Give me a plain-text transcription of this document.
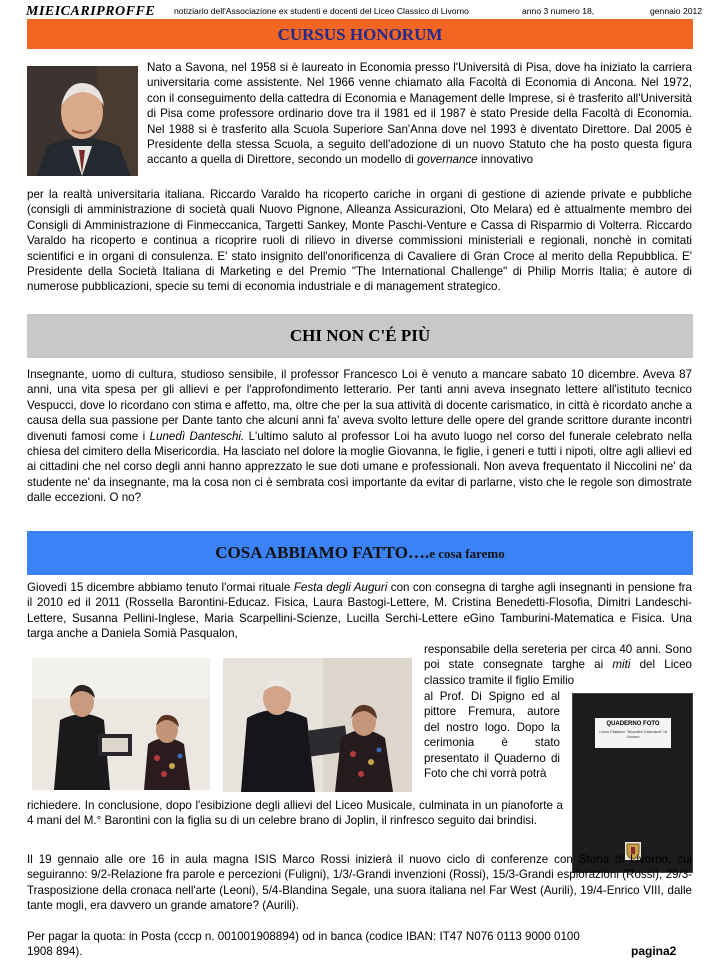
MIEICARIPROFFE notiziario dell'Associazione ex studenti e docenti del Liceo Classico di Livorno	anno 3 numero 18,	gennaio 2012
CURSUS HONORUM
Nato a Savona, nel 1958 si è laureato in Economia presso l'Università di Pisa, dove ha iniziato la carriera universitaria come assistente. Nel 1966 venne chiamato alla Facoltà di Economia di Ancona. Nel 1972, con il conseguimento della cattedra di Economia e Management delle Imprese, si è trasferito all'Università di Pisa come professore ordinario dove tra il 1981 ed il 1987 è stato Preside della Facoltà di Economia. Nel 1988 si è trasferito alla Scuola Superiore San'Anna dove nel 1993 è diventato Direttore. Dal 2005 è Presidente della stessa Scuola, a seguito dell'adozione di un nuovo Statuto che ha posto questa figura accanto a quella di Direttore, secondo un modello di governance innovativo
per la realtà universitaria italiana. Riccardo Varaldo ha ricoperto cariche in organi di gestione di aziende private e pubbliche (consigli di amministrazione di società quali Nuovo Pignone, Alleanza Assicurazioni, Oto Melara) ed è attualmente membro dei Consigli di Amministrazione di Finmeccanica, Targetti Sankey, Monte Paschi-Venture e Cassa di Risparmio di Volterra. Riccardo Varaldo ha ricoperto e continua a ricoprire ruoli di rilievo in diverse commissioni ministeriali e regionali, nonchè in comitati scientifici e in organi di consulenza. E' stato insignito dell'onorificenza di Cavaliere di Gran Croce al merito della Repubblica. E' Presidente della Società Italiana di Marketing e del Premio "The International Challenge" di Philip Morris Italia; è autore di numerose pubblicazioni, specie su temi di economia industriale e di management strategico.
CHI NON C'É PIÙ
Insegnante, uomo di cultura, studioso sensibile, il professor Francesco Loi è venuto a mancare sabato 10 dicembre. Aveva 87 anni, una vita spesa per gli allievi e per l'approfondimento letterario. Per tanti anni aveva insegnato lettere all'istituto tecnico Vespucci, dove lo ricordano con stima e affetto, ma, oltre che per la sua attività di docente carismatico, in città è ricordato anche a causa della sua passione per Dante tanto che alcuni anni fa' aveva svolto letture delle opere del grande scrittore durante incontri divenuti famosi come i Lunedì Danteschi. L'ultimo saluto al professor Loi ha avuto luogo nel corso del funerale celebrato nella chiesa del cimitero della Misericordia. Ha lasciato nel dolore la moglie Giovanna, le figlie, i generi e tutti i nipoti, oltre agli allievi ed ai cittadini che nel corso degli anni hanno apprezzato le sue doti umane e professionali. Non aveva frequentato il Niccolini ne' da studente ne' da insegnante, ma la cosa non ci è sembrata così importante da evitar di parlarne, visto che le regole son dimostrate dalle eccezioni. O no?
COSA ABBIAMO FATTO….e cosa faremo
Giovedì 15 dicembre abbiamo tenuto l'ormai rituale Festa degli Auguri con con consegna di targhe agli insegnanti in pensione fra il 2010 ed il 2011 (Rossella Barontini-Educaz. Fisica, Laura Bastogi-Lettere, M. Cristina Benedetti-Flosofia, Dimitri Landeschi-Lettere, Susanna Pellini-Inglese, Maria Scarpellini-Scienze, Lucilla Serchi-Lettere eGino Tamburini-Matematica e Fisica. Una targa anche a Daniela Somià Pasqualon,
responsabile della sereteria per circa 40 anni. Sono poi state consegnate targhe ai miti del Liceo classico tramite il figlio Emilio
al Prof. Di Spigno ed al pittore Fremura, autore del nostro logo. Dopo la cerimonia è stato presentato il Quaderno di Foto che chi vorrà potrà
QUADERNO FOTO
Liceo Classico "Niccolini Guerrazzi" di Livorno
richiedere. In conclusione, dopo l'esibizione degli allievi del Liceo Musicale, culminata in un pianoforte a 4 mani del M.° Barontini con la figlia su di un celebre brano di Joplin, il rinfresco seguito dai brindisi.
Il 19 gennaio alle ore 16 in aula magna ISIS Marco Rossi inizierà il nuovo ciclo di conferenze con Storia di Livorno, cui seguiranno: 9/2-Relazione fra parole e percezioni (Fuligni), 1/3/-Grandi invenzioni (Rossi), 15/3-Grandi esplorazioni (Rossi), 29/3-Trasposizione della cronaca nell'arte (Leoni), 5/4-Blandina Segale, una suora italiana nel Far West (Aurili), 19/4-Enrico VIII, dalle tante mogli, era davvero un grande amatore? (Aurili).
Per pagar la quota: in Posta (cccp n. 001001908894) od in banca (codice IBAN: IT47 N076 0113 9000 0100 1908 894).	pagina2
